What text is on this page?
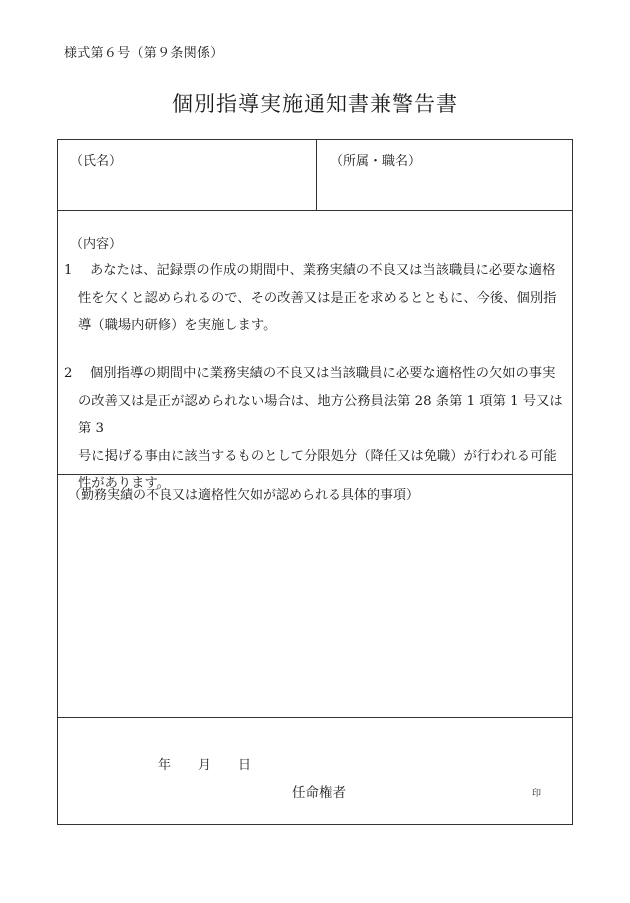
様式第６号（第９条関係）
個別指導実施通知書兼警告書
（氏名）	（所属・職名）
（内容）
1 あなたは、記録票の作成の期間中、業務実績の不良又は当該職員に必要な適格
性を欠くと認められるので、その改善又は是正を求めるとともに、今後、個別指
導（職場内研修）を実施します。
2 個別指導の期間中に業務実績の不良又は当該職員に必要な適格性の欠如の事実
の改善又は是正が認められない場合は、地方公務員法第 28 条第 1 項第 1 号又は第 3
号に掲げる事由に該当するものとして分限処分（降任又は免職）が行われる可能
性があります。
（勤務実績の不良又は適格性欠如が認められる具体的事項）
年 月 日
任命権者	印
